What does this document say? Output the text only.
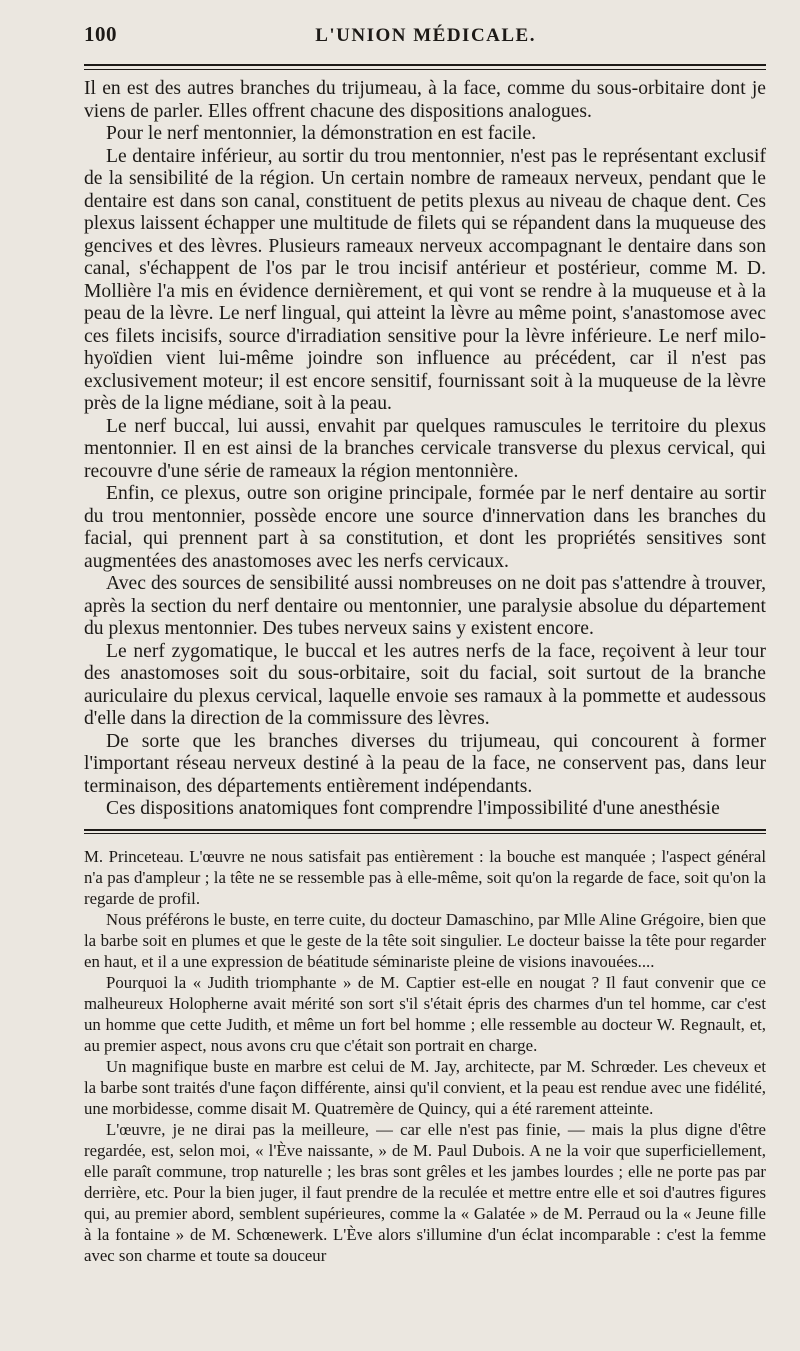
100	L'UNION MÉDICALE.

Il en est des autres branches du trijumeau, à la face, comme du sous-orbitaire dont je viens de parler. Elles offrent chacune des dispositions analogues.

Pour le nerf mentonnier, la démonstration en est facile.

Le dentaire inférieur, au sortir du trou mentonnier, n'est pas le représentant exclusif de la sensibilité de la région. Un certain nombre de rameaux nerveux, pendant que le dentaire est dans son canal, constituent de petits plexus au niveau de chaque dent. Ces plexus laissent échapper une multitude de filets qui se répandent dans la muqueuse des gencives et des lèvres. Plusieurs rameaux nerveux accompagnant le dentaire dans son canal, s'échappent de l'os par le trou incisif antérieur et postérieur, comme M. D. Mollière l'a mis en évidence dernièrement, et qui vont se rendre à la muqueuse et à la peau de la lèvre. Le nerf lingual, qui atteint la lèvre au même point, s'anastomose avec ces filets incisifs, source d'irradiation sensitive pour la lèvre inférieure. Le nerf milo-hyoïdien vient lui-même joindre son influence au précédent, car il n'est pas exclusivement moteur; il est encore sensitif, fournissant soit à la muqueuse de la lèvre près de la ligne médiane, soit à la peau.

Le nerf buccal, lui aussi, envahit par quelques ramuscules le territoire du plexus mentonnier. Il en est ainsi de la branches cervicale transverse du plexus cervical, qui recouvre d'une série de rameaux la région mentonnière.

Enfin, ce plexus, outre son origine principale, formée par le nerf dentaire au sortir du trou mentonnier, possède encore une source d'innervation dans les branches du facial, qui prennent part à sa constitution, et dont les propriétés sensitives sont augmentées des anastomoses avec les nerfs cervicaux.

Avec des sources de sensibilité aussi nombreuses on ne doit pas s'attendre à trouver, après la section du nerf dentaire ou mentonnier, une paralysie absolue du département du plexus mentonnier. Des tubes nerveux sains y existent encore.

Le nerf zygomatique, le buccal et les autres nerfs de la face, reçoivent à leur tour des anastomoses soit du sous-orbitaire, soit du facial, soit surtout de la branche auriculaire du plexus cervical, laquelle envoie ses ramaux à la pommette et audessous d'elle dans la direction de la commissure des lèvres.

De sorte que les branches diverses du trijumeau, qui concourent à former l'important réseau nerveux destiné à la peau de la face, ne conservent pas, dans leur terminaison, des départements entièrement indépendants.

Ces dispositions anatomiques font comprendre l'impossibilité d'une anesthésie

M. Princeteau. L'œuvre ne nous satisfait pas entièrement : la bouche est manquée ; l'aspect général n'a pas d'ampleur ; la tête ne se ressemble pas à elle-même, soit qu'on la regarde de face, soit qu'on la regarde de profil.

Nous préférons le buste, en terre cuite, du docteur Damaschino, par Mlle Aline Grégoire, bien que la barbe soit en plumes et que le geste de la tête soit singulier. Le docteur baisse la tête pour regarder en haut, et il a une expression de béatitude séminariste pleine de visions inavouées....

Pourquoi la « Judith triomphante » de M. Captier est-elle en nougat ? Il faut convenir que ce malheureux Holopherne avait mérité son sort s'il s'était épris des charmes d'un tel homme, car c'est un homme que cette Judith, et même un fort bel homme ; elle ressemble au docteur W. Regnault, et, au premier aspect, nous avons cru que c'était son portrait en charge.

Un magnifique buste en marbre est celui de M. Jay, architecte, par M. Schrœder. Les cheveux et la barbe sont traités d'une façon différente, ainsi qu'il convient, et la peau est rendue avec une fidélité, une morbidesse, comme disait M. Quatremère de Quincy, qui a été rarement atteinte.

L'œuvre, je ne dirai pas la meilleure, — car elle n'est pas finie, — mais la plus digne d'être regardée, est, selon moi, « l'Ève naissante, » de M. Paul Dubois. A ne la voir que superficiellement, elle paraît commune, trop naturelle ; les bras sont grêles et les jambes lourdes ; elle ne porte pas par derrière, etc. Pour la bien juger, il faut prendre de la reculée et mettre entre elle et soi d'autres figures qui, au premier abord, semblent supérieures, comme la « Galatée » de M. Perraud ou la « Jeune fille à la fontaine » de M. Schœnewerk. L'Ève alors s'illumine d'un éclat incomparable : c'est la femme avec son charme et toute sa douceur
